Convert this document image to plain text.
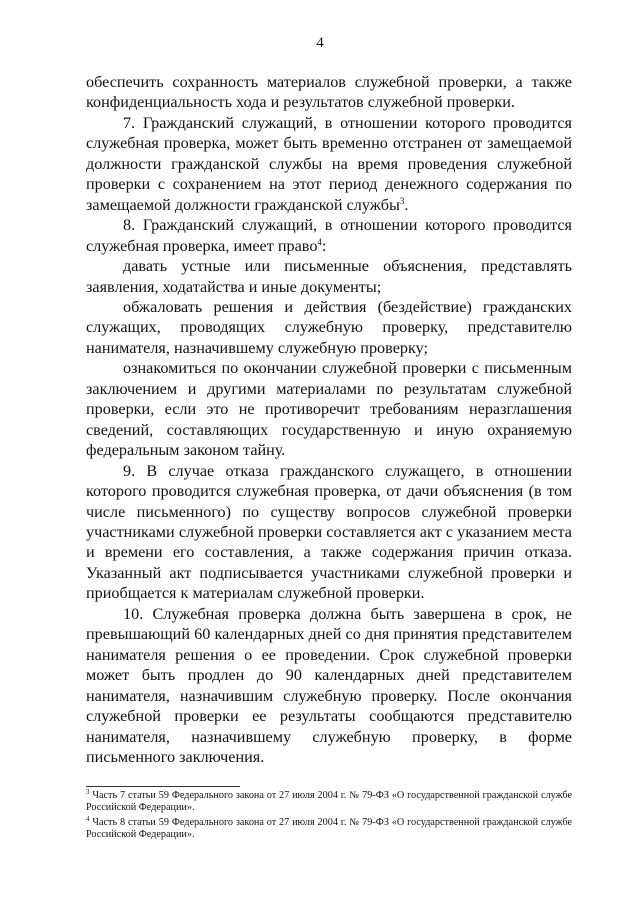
4

обеспечить сохранность материалов служебной проверки, а также конфиденциальность хода и результатов служебной проверки.

7. Гражданский служащий, в отношении которого проводится служебная проверка, может быть временно отстранен от замещаемой должности гражданской службы на время проведения служебной проверки с сохранением на этот период денежного содержания по замещаемой должности гражданской службы$^3$.

8. Гражданский служащий, в отношении которого проводится служебная проверка, имеет право$^4$:

давать устные или письменные объяснения, представлять заявления, ходатайства и иные документы;

обжаловать решения и действия (бездействие) гражданских служащих, проводящих служебную проверку, представителю нанимателя, назначившему служебную проверку;

ознакомиться по окончании служебной проверки с письменным заключением и другими материалами по результатам служебной проверки, если это не противоречит требованиям неразглашения сведений, составляющих государственную и иную охраняемую федеральным законом тайну.

9. В случае отказа гражданского служащего, в отношении которого проводится служебная проверка, от дачи объяснения (в том числе письменного) по существу вопросов служебной проверки участниками служебной проверки составляется акт с указанием места и времени его составления, а также содержания причин отказа. Указанный акт подписывается участниками служебной проверки и приобщается к материалам служебной проверки.

10. Служебная проверка должна быть завершена в срок, не превышающий 60 календарных дней со дня принятия представителем нанимателя решения о ее проведении. Срок служебной проверки может быть продлен до 90 календарных дней представителем нанимателя, назначившим служебную проверку. После окончания служебной проверки ее результаты сообщаются представителю нанимателя, назначившему служебную проверку, в форме письменного заключения.

$^3$ Часть 7 статьи 59 Федерального закона от 27 июля 2004 г. № 79-ФЗ «О государственной гражданской службе Российской Федерации».

$^4$ Часть 8 статьи 59 Федерального закона от 27 июля 2004 г. № 79-ФЗ «О государственной гражданской службе Российской Федерации».
